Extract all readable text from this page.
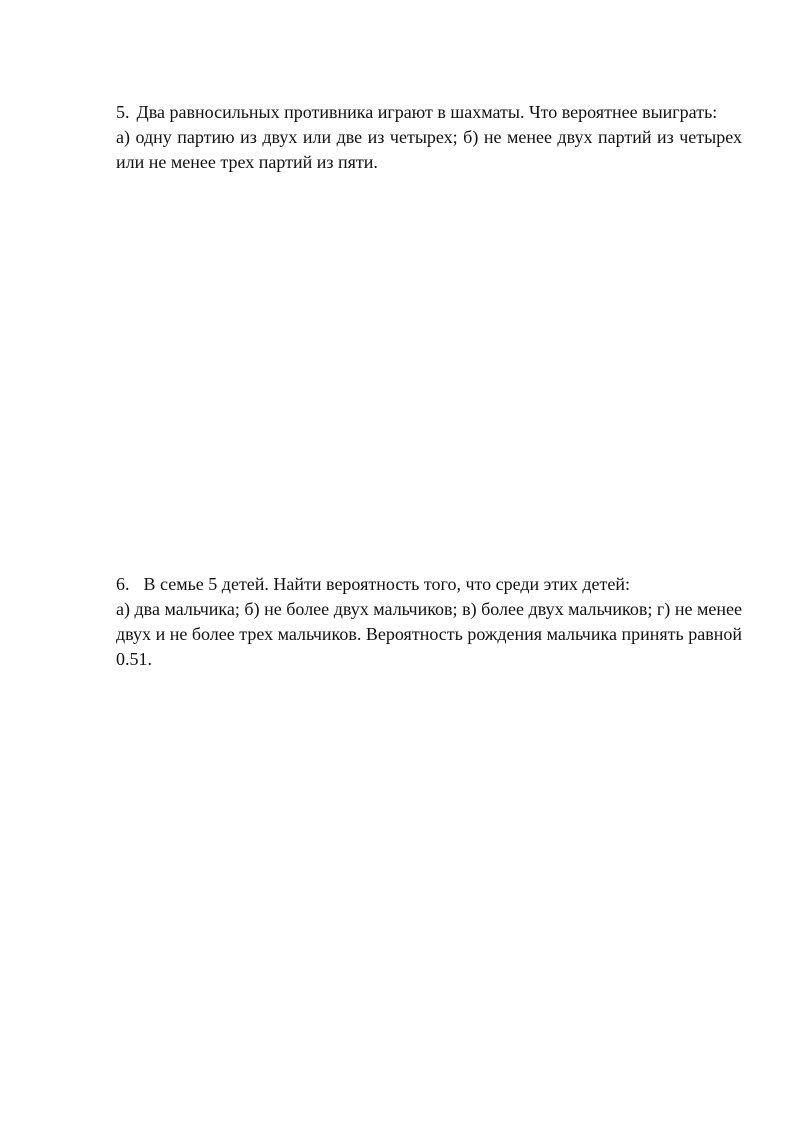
5. Два равносильных противника играют в шахматы. Что вероятнее выиграть:

а) одну партию из двух или две из четырех; б) не менее двух партий из четырех или не менее трех партий из пяти.

6. В семье 5 детей. Найти вероятность того, что среди этих детей:

а) два мальчика; б) не более двух мальчиков; в) более двух мальчиков; г) не менее двух и не более трех мальчиков. Вероятность рождения мальчика принять равной 0.51.
